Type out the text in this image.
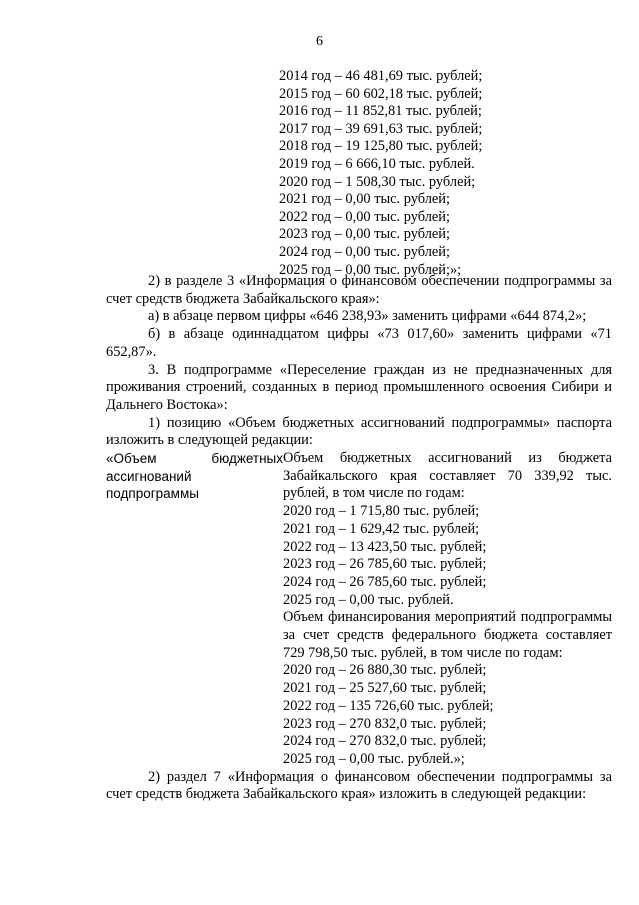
6
2014 год – 46 481,69 тыс. рублей;
2015 год – 60 602,18 тыс. рублей;
2016 год – 11 852,81 тыс. рублей;
2017 год – 39 691,63 тыс. рублей;
2018 год – 19 125,80 тыс. рублей;
2019 год – 6 666,10 тыс. рублей.
2020 год – 1 508,30 тыс. рублей;
2021 год – 0,00 тыс. рублей;
2022 год – 0,00 тыс. рублей;
2023 год – 0,00 тыс. рублей;
2024 год – 0,00 тыс. рублей;
2025 год – 0,00 тыс. рублей;»;

2) в разделе 3 «Информация о финансовом обеспечении подпрограммы за счет средств бюджета Забайкальского края»:

а) в абзаце первом цифры «646 238,93» заменить цифрами «644 874,2»;

б) в абзаце одиннадцатом цифры «73 017,60» заменить цифрами «71 652,87».

3. В подпрограмме «Переселение граждан из не предназначенных для проживания строений, созданных в период промышленного освоения Сибири и Дальнего Востока»:

1) позицию «Объем бюджетных ассигнований подпрограммы» паспорта изложить в следующей редакции:

«Объем бюджетных ассигнований подпрограммы
Объем бюджетных ассигнований из бюджета Забайкальского края составляет 70 339,92 тыс. рублей, в том числе по годам:
2020 год – 1 715,80 тыс. рублей;
2021 год – 1 629,42 тыс. рублей;
2022 год – 13 423,50 тыс. рублей;
2023 год – 26 785,60 тыс. рублей;
2024 год – 26 785,60 тыс. рублей;
2025 год – 0,00 тыс. рублей.
Объем финансирования мероприятий подпрограммы за счет средств федерального бюджета составляет 729 798,50 тыс. рублей, в том числе по годам:
2020 год – 26 880,30 тыс. рублей;
2021 год – 25 527,60 тыс. рублей;
2022 год – 135 726,60 тыс. рублей;
2023 год – 270 832,0 тыс. рублей;
2024 год – 270 832,0 тыс. рублей;
2025 год – 0,00 тыс. рублей.»;

2) раздел 7 «Информация о финансовом обеспечении подпрограммы за счет средств бюджета Забайкальского края» изложить в следующей редакции:
